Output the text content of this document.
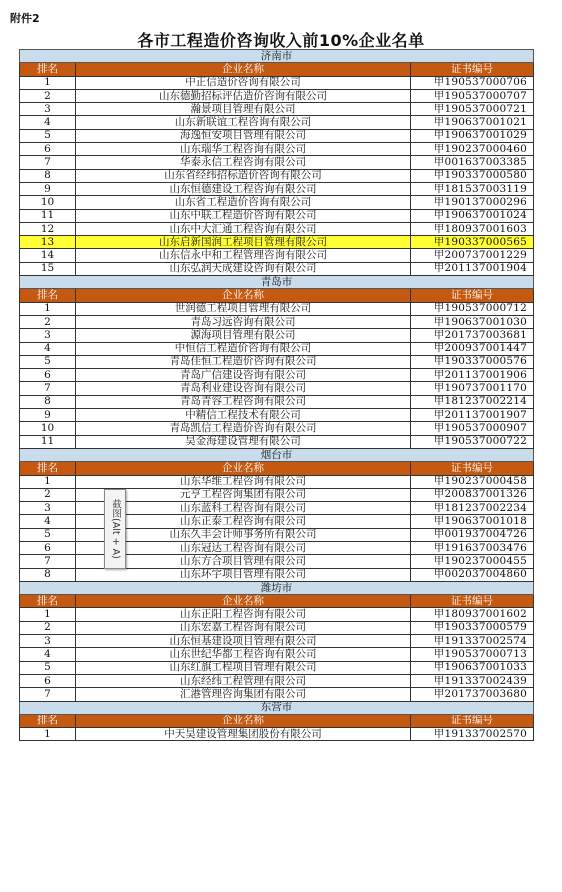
附件2
各市工程造价咨询收入前10%企业名单
济南市		
排名	企业名称	证书编号
1	中正信造价咨询有限公司	甲190537000706
2	山东德勤招标评估造价咨询有限公司	甲190537000707
3	瀚景项目管理有限公司	甲190537000721
4	山东新联谊工程咨询有限公司	甲190637001021
5	海逸恒安项目管理有限公司	甲190637001029
6	山东瑞华工程咨询有限公司	甲190237000460
7	华泰永信工程咨询有限公司	甲001637003385
8	山东省经纬招标造价咨询有限公司	甲190337000580
9	山东恒德建设工程咨询有限公司	甲181537003119
10	山东省工程造价咨询有限公司	甲190137000296
11	山东中联工程造价咨询有限公司	甲190637001024
12	山东中大汇通工程咨询有限公司	甲180937001603
13	山东启新国润工程项目管理有限公司	甲190337000565
14	山东信永中和工程管理咨询有限公司	甲200737001229
15	山东弘润天成建设咨询有限公司	甲201137001904
青岛市		
排名	企业名称	证书编号
1	世润德工程项目管理有限公司	甲190537000712
2	青岛习远咨询有限公司	甲190637001030
3	源海项目管理有限公司	甲201737003681
4	中恒信工程造价咨询有限公司	甲200937001447
5	青岛佳恒工程造价咨询有限公司	甲190337000576
6	青岛广信建设咨询有限公司	甲201137001906
7	青岛利业建设咨询有限公司	甲190737001170
8	青岛青容工程咨询有限公司	甲181237002214
9	中精信工程技术有限公司	甲201137001907
10	青岛凯信工程造价咨询有限公司	甲190537000907
11	昊金海建设管理有限公司	甲190537000722
烟台市		
排名	企业名称	证书编号
1	山东华维工程咨询有限公司	甲190237000458
2	元亨工程咨询集团有限公司	甲200837001326
3	山东蓝科工程咨询有限公司	甲181237002234
4	山东正泰工程咨询有限公司	甲190637001018
5	山东久丰会计师事务所有限公司	甲001937004726
6	山东冠达工程咨询有限公司	甲191637003476
7	山东方合项目管理有限公司	甲190237000455
8	山东环宇项目管理有限公司	甲002037004860
潍坊市		
排名	企业名称	证书编号
1	山东正阳工程咨询有限公司	甲180937001602
2	山东宏嘉工程咨询有限公司	甲190337000579
3	山东恒基建设项目管理有限公司	甲191337002574
4	山东世纪华都工程咨询有限公司	甲190537000713
5	山东红旗工程项目管理有限公司	甲190637001033
6	山东经纬工程管理有限公司	甲191337002439
7	汇港管理咨询集团有限公司	甲201737003680
东营市		
排名	企业名称	证书编号
1	中天昊建设管理集团股份有限公司	甲191337002570
截图(Alt + A)
